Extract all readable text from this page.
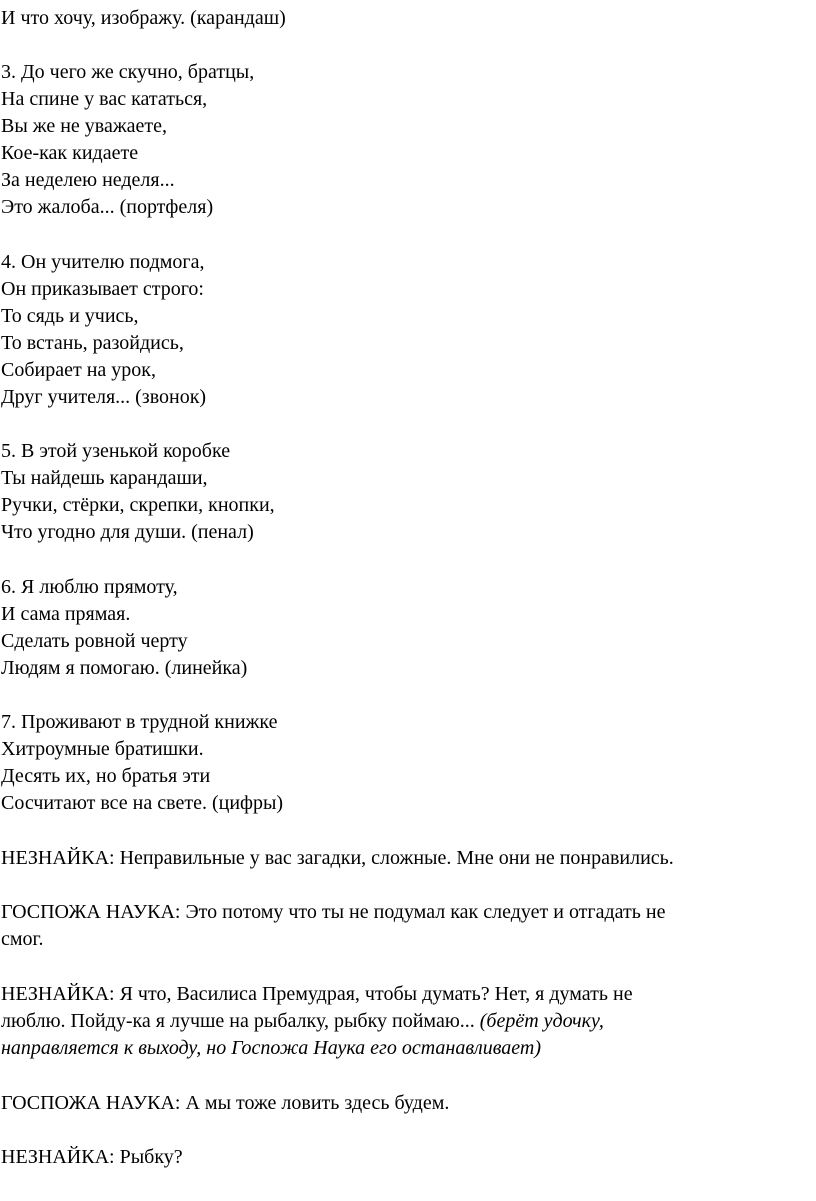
И что хочу, изображу. (карандаш)
3. До чего же скучно, братцы,
На спине у вас кататься,
Вы же не уважаете,
Кое-как кидаете
За неделею неделя...
Это жалоба... (портфеля)
4. Он учителю подмога,
Он приказывает строго:
То сядь и учись,
То встань, разойдись,
Собирает на урок,
Друг учителя... (звонок)
5. В этой узенькой коробке
Ты найдешь карандаши,
Ручки, стёрки, скрепки, кнопки,
Что угодно для души. (пенал)
6. Я люблю прямоту,
И сама прямая.
Сделать ровной черту
Людям я помогаю. (линейка)
7. Проживают в трудной книжке
Хитроумные братишки.
Десять их, но братья эти
Сосчитают все на свете. (цифры)
НЕЗНАЙКА: Неправильные у вас загадки, сложные. Мне они не понравились.
ГОСПОЖА НАУКА: Это потому что ты не подумал как следует и отгадать не
смог.
НЕЗНАЙКА: Я что, Василиса Премудрая, чтобы думать? Нет, я думать не
люблю. Пойду-ка я лучше на рыбалку, рыбку поймаю... (берёт удочку,
направляется к выходу, но Госпожа Наука его останавливает)
ГОСПОЖА НАУКА: А мы тоже ловить здесь будем.
НЕЗНАЙКА: Рыбку?
